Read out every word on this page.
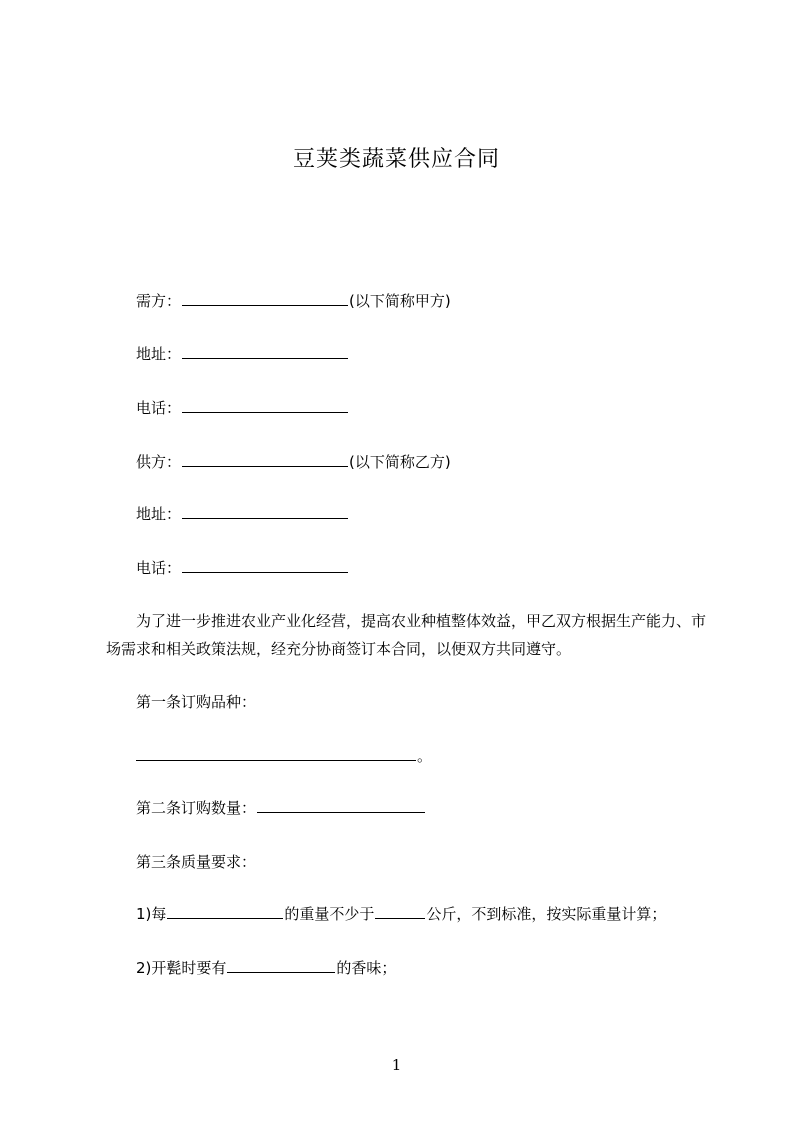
豆荚类蔬菜供应合同
需方：	(以下简称甲方)
地址：
电话：
供方：	(以下简称乙方)
地址：
电话：
为了进一步推进农业产业化经营，提高农业种植整体效益，甲乙双方根据生产能力、市场需求和相关政策法规，经充分协商签订本合同，以便双方共同遵守。
第一条订购品种：
。
第二条订购数量：
第三条质量要求：
1)每	的重量不少于	公斤，不到标准，按实际重量计算；
2)开甏时要有	的香味；
1
